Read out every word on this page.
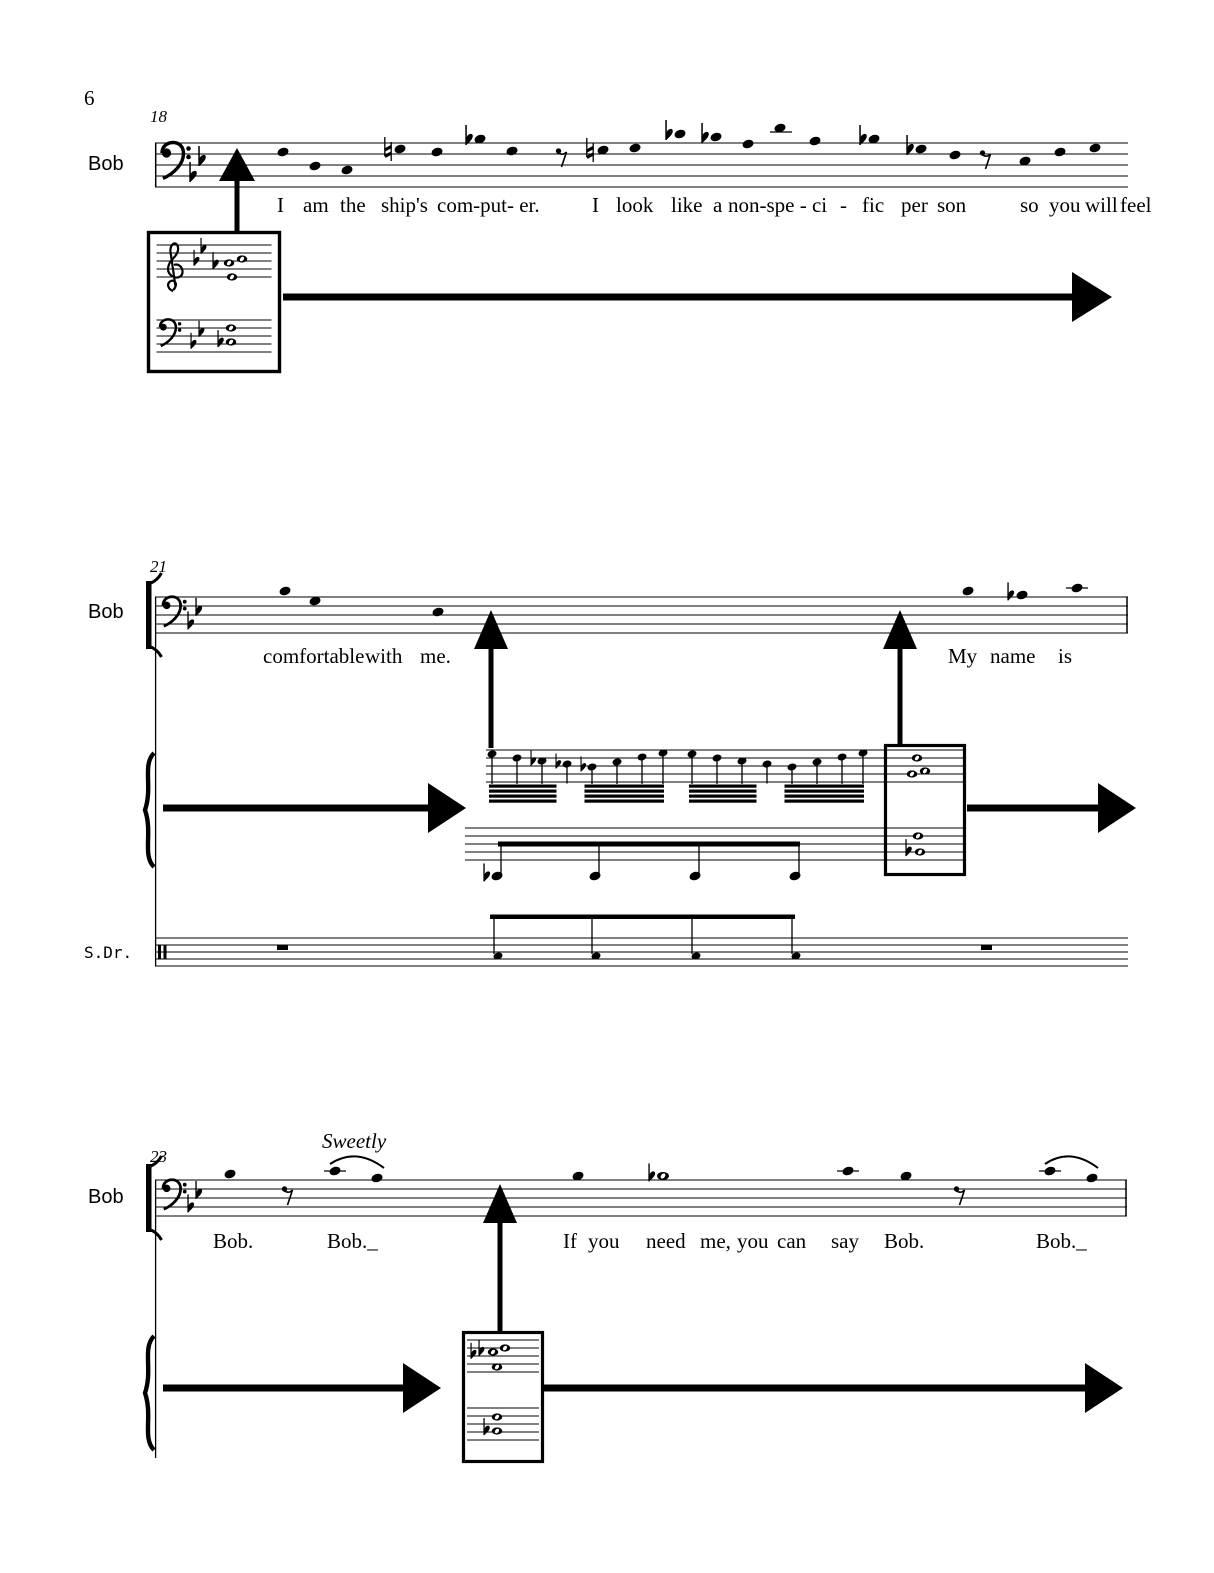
6
18
Bob
I am the ship's com-put- er. I look like a non-spe - ci - fic per son	so you will feel
21
Bob
comfortable with me.	My name is
S.Dr.
23
Sweetly
Bob
Bob.	Bob._	If you need me, you can say Bob.	Bob._
